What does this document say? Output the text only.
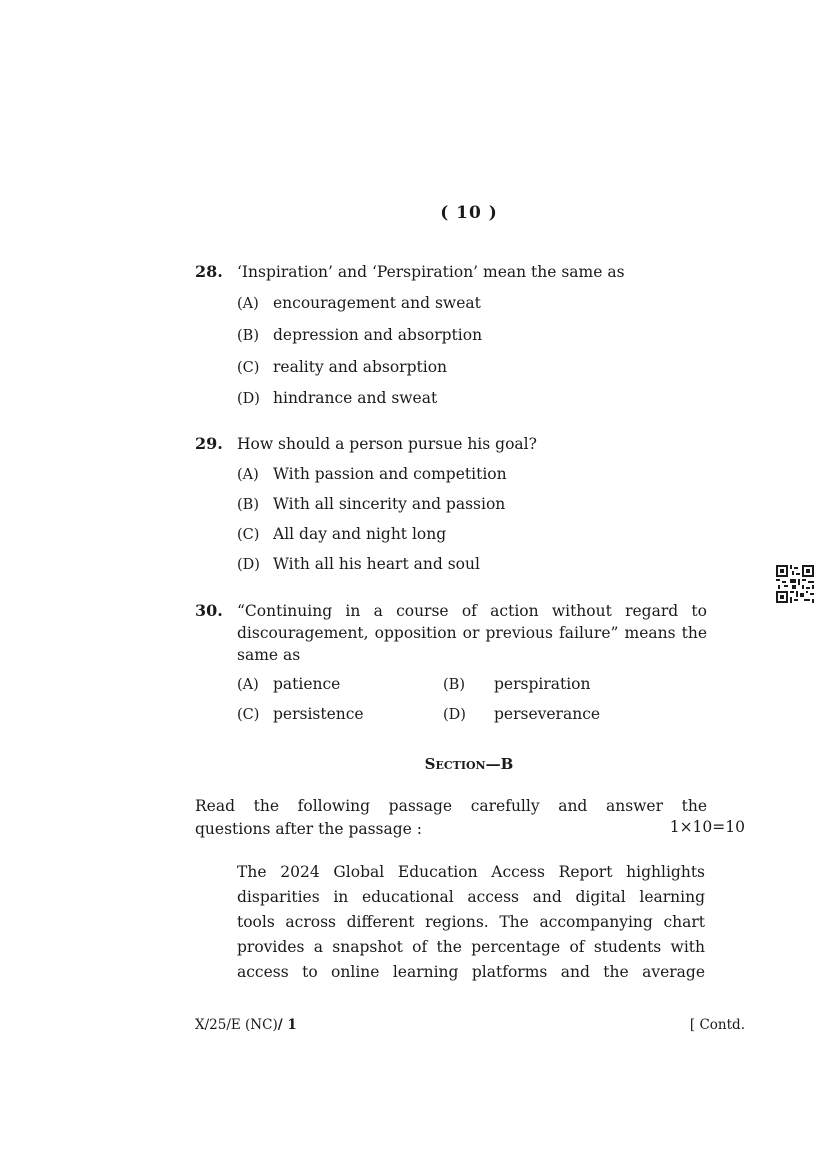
( 10 )
28. ‘Inspiration’ and ‘Perspiration’ mean the same as
(A) encouragement and sweat
(B) depression and absorption
(C) reality and absorption
(D) hindrance and sweat
29. How should a person pursue his goal?
(A) With passion and competition
(B) With all sincerity and passion
(C) All day and night long
(D) With all his heart and soul
30. “Continuing in a course of action without regard to discouragement, opposition or previous failure” means the same as
(A) patience	(B) perspiration
(C) persistence	(D) perseverance
Section—B
Read the following passage carefully and answer the
questions after the passage :	1×10=10

The 2024 Global Education Access Report highlights

disparities in educational access and digital learning

tools across different regions. The accompanying chart

provides a snapshot of the percentage of students with

access to online learning platforms and the average

X/25/E (NC)/ 1	[ Contd.
